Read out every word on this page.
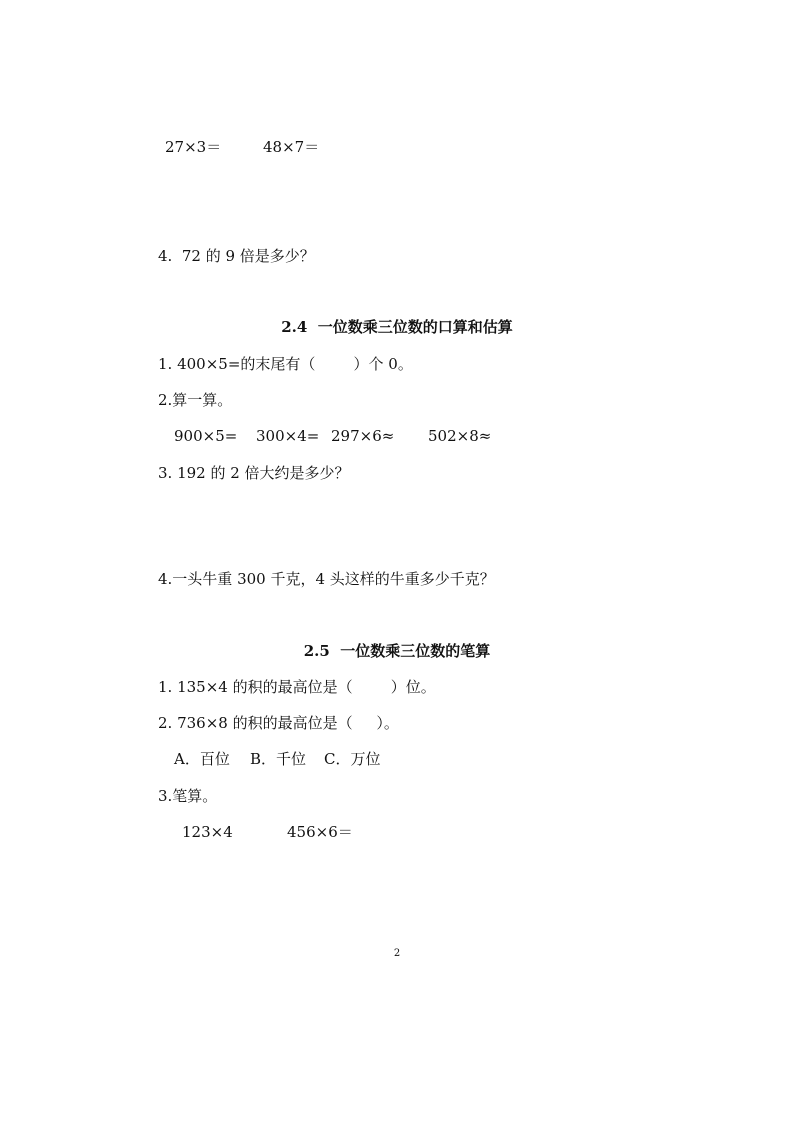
27×3＝	48×7＝
4.  72 的 9 倍是多少？
2.4  一位数乘三位数的口算和估算
1. 400×5=的末尾有（        ）个 0。
2.算一算。
900×5= 300×4= 297×6≈ 502×8≈
3. 192 的 2 倍大约是多少？
4.一头牛重 300 千克，4 头这样的牛重多少千克？
2.5  一位数乘三位数的笔算
1. 135×4 的积的最高位是（        ）位。
2. 736×8 的积的最高位是（     ）。
A．百位 B．千位 C．万位
3.笔算。
123×4	456×6＝
2
